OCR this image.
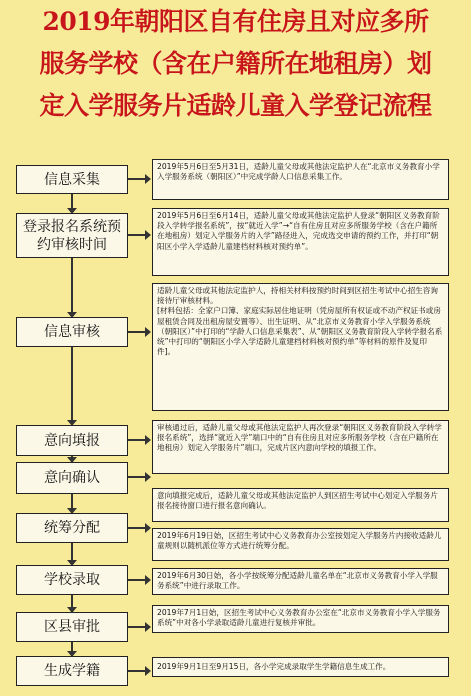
2019年朝阳区自有住房且对应多所
服务学校（含在户籍所在地租房）划
定入学服务片适龄儿童入学登记流程
信息采集

2019年5月6日至5月31日，适龄儿童父母或其他法定监护人在“北京市义务教育小学入学服务系统（朝阳区）”中完成学龄人口信息采集工作。

登录报名系统预约审核时间

2019年5月6日至6月14日，适龄儿童父母或其他法定监护人登录“朝阳区义务教育阶段入学转学报名系统”，按“就近入学”→“自有住房且对应多所服务学校（含在户籍所在地租房）划定入学服务片的入学”路径进入，完成选交申请的预约工作，并打印“朝阳区小学入学适龄儿童建档材料核对预约单”。

信息审核

适龄儿童父母或其他法定监护人，持相关材料按预约时间到区招生考试中心招生咨询接待厅审核材料。

[材料包括：全家户口簿、家庭实际居住地证明（凭房屋所有权证或不动产权证书或房屋租赁合同及出租房屋安置等）、出生证明、从“北京市义务教育小学入学服务系统（朝阳区）”中打印的“学龄人口信息采集表”、从“朝阳区义务教育阶段入学转学报名系统”中打印的“朝阳区小学入学适龄儿童建档材料核对预约单”等材料的原件及复印件]。

意向填报

审核通过后，适龄儿童父母或其他法定监护人再次登录“朝阳区义务教育阶段入学转学报名系统”，选择“就近入学”端口中的“自有住房且对应多所服务学校（含在户籍所在地租房）划定入学服务片”端口，完成片区内意向学校的填报工作。

意向确认

意向填报完成后，适龄儿童父母或其他法定监护人到区招生考试中心划定入学服务片报名接待窗口进行报名意向确认。

统筹分配	2019年6月19日始，区招生考试中心义务教育办公室按划定入学服务片内接收适龄儿童规则以随机派位等方式进行统筹分配。

学校录取	2019年6月30日始，各小学按统筹分配适龄儿童名单在“北京市义务教育小学入学服务系统”中进行录取工作。

区县审批

2019年7月1日始，区招生考试中心义务教育办公室在“北京市义务教育小学入学服务系统”中对各小学录取适龄儿童进行复核并审批。

生成学籍	2019年9月1日至9月15日，各小学完成录取学生学籍信息生成工作。
